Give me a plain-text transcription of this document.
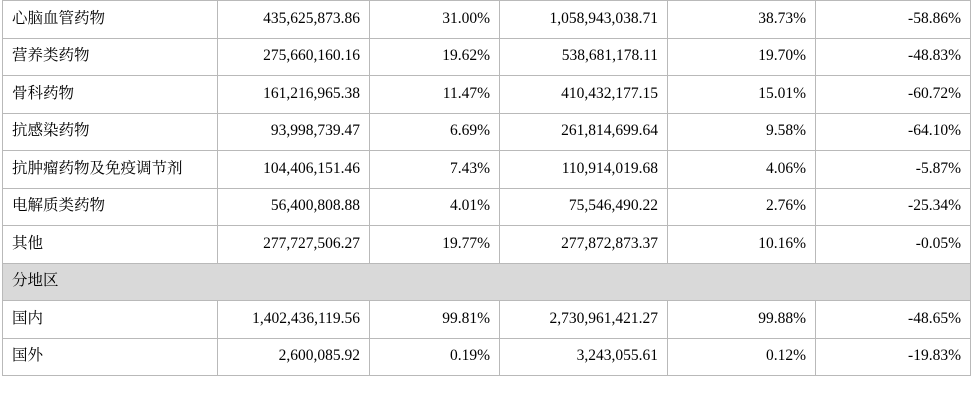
心脑血管药物	435,625,873.86	31.00%	1,058,943,038.71	38.73%	-58.86%
营养类药物	275,660,160.16	19.62%	538,681,178.11	19.70%	-48.83%
骨科药物	161,216,965.38	11.47%	410,432,177.15	15.01%	-60.72%
抗感染药物	93,998,739.47	6.69%	261,814,699.64	9.58%	-64.10%
抗肿瘤药物及免疫调节剂	104,406,151.46	7.43%	110,914,019.68	4.06%	-5.87%
电解质类药物	56,400,808.88	4.01%	75,546,490.22	2.76%	-25.34%
其他	277,727,506.27	19.77%	277,872,873.37	10.16%	-0.05%
分地区					
国内	1,402,436,119.56	99.81%	2,730,961,421.27	99.88%	-48.65%
国外	2,600,085.92	0.19%	3,243,055.61	0.12%	-19.83%
